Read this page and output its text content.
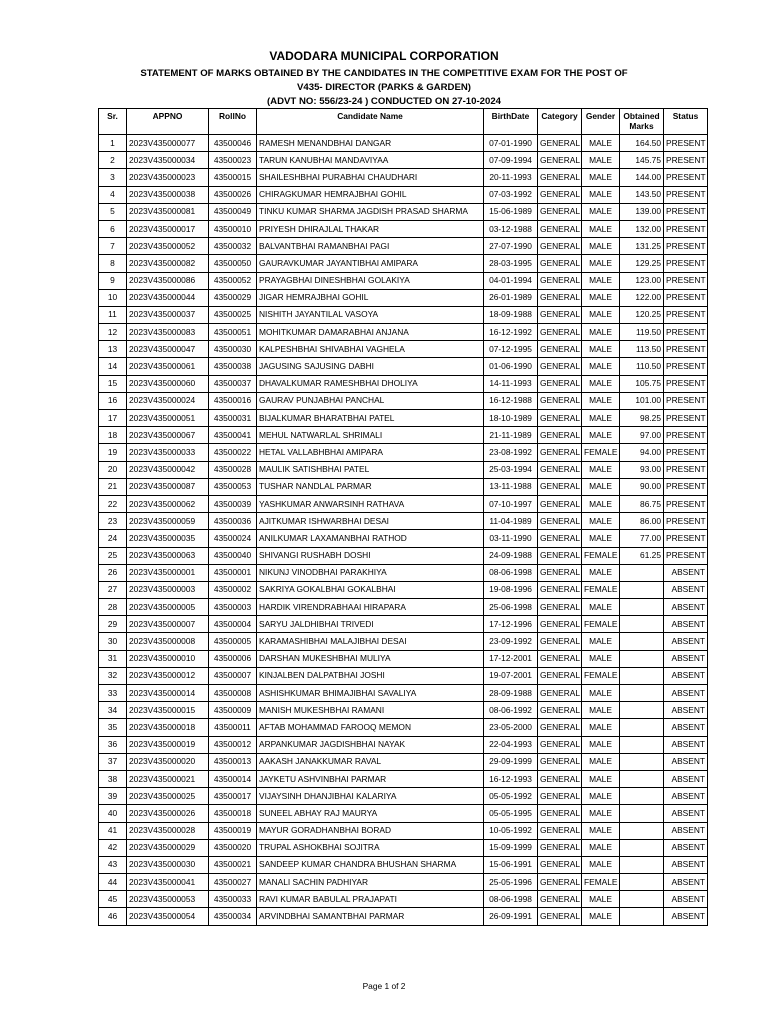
VADODARA MUNICIPAL CORPORATION
STATEMENT OF MARKS OBTAINED BY THE CANDIDATES IN THE COMPETITIVE EXAM FOR THE POST OF
V435- DIRECTOR (PARKS & GARDEN)
(ADVT NO: 556/23-24 ) CONDUCTED ON 27-10-2024
Sr.	APPNO	RollNo	Candidate Name	BirthDate	Category	Gender	Obtained Marks	Status
1	2023V435000077	43500046	RAMESH MENANDBHAI DANGAR	07-01-1990	GENERAL	MALE	164.50	PRESENT
2	2023V435000034	43500023	TARUN KANUBHAI MANDAVIYAA	07-09-1994	GENERAL	MALE	145.75	PRESENT
3	2023V435000023	43500015	SHAILESHBHAI PURABHAI CHAUDHARI	20-11-1993	GENERAL	MALE	144.00	PRESENT
4	2023V435000038	43500026	CHIRAGKUMAR HEMRAJBHAI GOHIL	07-03-1992	GENERAL	MALE	143.50	PRESENT
5	2023V435000081	43500049	TINKU KUMAR SHARMA JAGDISH PRASAD SHARMA	15-06-1989	GENERAL	MALE	139.00	PRESENT
6	2023V435000017	43500010	PRIYESH DHIRAJLAL THAKAR	03-12-1988	GENERAL	MALE	132.00	PRESENT
7	2023V435000052	43500032	BALVANTBHAI RAMANBHAI PAGI	27-07-1990	GENERAL	MALE	131.25	PRESENT
8	2023V435000082	43500050	GAURAVKUMAR JAYANTIBHAI AMIPARA	28-03-1995	GENERAL	MALE	129.25	PRESENT
9	2023V435000086	43500052	PRAYAGBHAI DINESHBHAI GOLAKIYA	04-01-1994	GENERAL	MALE	123.00	PRESENT
10	2023V435000044	43500029	JIGAR HEMRAJBHAI GOHIL	26-01-1989	GENERAL	MALE	122.00	PRESENT
11	2023V435000037	43500025	NISHITH JAYANTILAL VASOYA	18-09-1988	GENERAL	MALE	120.25	PRESENT
12	2023V435000083	43500051	MOHITKUMAR DAMARABHAI ANJANA	16-12-1992	GENERAL	MALE	119.50	PRESENT
13	2023V435000047	43500030	KALPESHBHAI SHIVABHAI VAGHELA	07-12-1995	GENERAL	MALE	113.50	PRESENT
14	2023V435000061	43500038	JAGUSING SAJUSING DABHI	01-06-1990	GENERAL	MALE	110.50	PRESENT
15	2023V435000060	43500037	DHAVALKUMAR RAMESHBHAI DHOLIYA	14-11-1993	GENERAL	MALE	105.75	PRESENT
16	2023V435000024	43500016	GAURAV PUNJABHAI PANCHAL	16-12-1988	GENERAL	MALE	101.00	PRESENT
17	2023V435000051	43500031	BIJALKUMAR BHARATBHAI PATEL	18-10-1989	GENERAL	MALE	98.25	PRESENT
18	2023V435000067	43500041	MEHUL NATWARLAL SHRIMALI	21-11-1989	GENERAL	MALE	97.00	PRESENT
19	2023V435000033	43500022	HETAL VALLABHBHAI AMIPARA	23-08-1992	GENERAL	FEMALE	94.00	PRESENT
20	2023V435000042	43500028	MAULIK SATISHBHAI PATEL	25-03-1994	GENERAL	MALE	93.00	PRESENT
21	2023V435000087	43500053	TUSHAR NANDLAL PARMAR	13-11-1988	GENERAL	MALE	90.00	PRESENT
22	2023V435000062	43500039	YASHKUMAR ANWARSINH RATHAVA	07-10-1997	GENERAL	MALE	86.75	PRESENT
23	2023V435000059	43500036	AJITKUMAR ISHWARBHAI DESAI	11-04-1989	GENERAL	MALE	86.00	PRESENT
24	2023V435000035	43500024	ANILKUMAR LAXAMANBHAI RATHOD	03-11-1990	GENERAL	MALE	77.00	PRESENT
25	2023V435000063	43500040	SHIVANGI RUSHABH DOSHI	24-09-1988	GENERAL	FEMALE	61.25	PRESENT
26	2023V435000001	43500001	NIKUNJ VINODBHAI PARAKHIYA	08-06-1998	GENERAL	MALE		ABSENT
27	2023V435000003	43500002	SAKRIYA GOKALBHAI GOKALBHAI	19-08-1996	GENERAL	FEMALE		ABSENT
28	2023V435000005	43500003	HARDIK VIRENDRABHAAI HIRAPARA	25-06-1998	GENERAL	MALE		ABSENT
29	2023V435000007	43500004	SARYU JALDHIBHAI TRIVEDI	17-12-1996	GENERAL	FEMALE		ABSENT
30	2023V435000008	43500005	KARAMASHIBHAI MALAJIBHAI DESAI	23-09-1992	GENERAL	MALE		ABSENT
31	2023V435000010	43500006	DARSHAN MUKESHBHAI MULIYA	17-12-2001	GENERAL	MALE		ABSENT
32	2023V435000012	43500007	KINJALBEN DALPATBHAI JOSHI	19-07-2001	GENERAL	FEMALE		ABSENT
33	2023V435000014	43500008	ASHISHKUMAR BHIMAJIBHAI SAVALIYA	28-09-1988	GENERAL	MALE		ABSENT
34	2023V435000015	43500009	MANISH MUKESHBHAI RAMANI	08-06-1992	GENERAL	MALE		ABSENT
35	2023V435000018	43500011	AFTAB MOHAMMAD FAROOQ MEMON	23-05-2000	GENERAL	MALE		ABSENT
36	2023V435000019	43500012	ARPANKUMAR JAGDISHBHAI NAYAK	22-04-1993	GENERAL	MALE		ABSENT
37	2023V435000020	43500013	AAKASH JANAKKUMAR RAVAL	29-09-1999	GENERAL	MALE		ABSENT
38	2023V435000021	43500014	JAYKETU ASHVINBHAI PARMAR	16-12-1993	GENERAL	MALE		ABSENT
39	2023V435000025	43500017	VIJAYSINH DHANJIBHAI KALARIYA	05-05-1992	GENERAL	MALE		ABSENT
40	2023V435000026	43500018	SUNEEL ABHAY RAJ MAURYA	05-05-1995	GENERAL	MALE		ABSENT
41	2023V435000028	43500019	MAYUR GORADHANBHAI BORAD	10-05-1992	GENERAL	MALE		ABSENT
42	2023V435000029	43500020	TRUPAL ASHOKBHAI SOJITRA	15-09-1999	GENERAL	MALE		ABSENT
43	2023V435000030	43500021	SANDEEP KUMAR CHANDRA BHUSHAN SHARMA	15-06-1991	GENERAL	MALE		ABSENT
44	2023V435000041	43500027	MANALI SACHIN PADHIYAR	25-05-1996	GENERAL	FEMALE		ABSENT
45	2023V435000053	43500033	RAVI KUMAR BABULAL PRAJAPATI	08-06-1998	GENERAL	MALE		ABSENT
46	2023V435000054	43500034	ARVINDBHAI SAMANTBHAI PARMAR	26-09-1991	GENERAL	MALE		ABSENT
Page 1 of 2
